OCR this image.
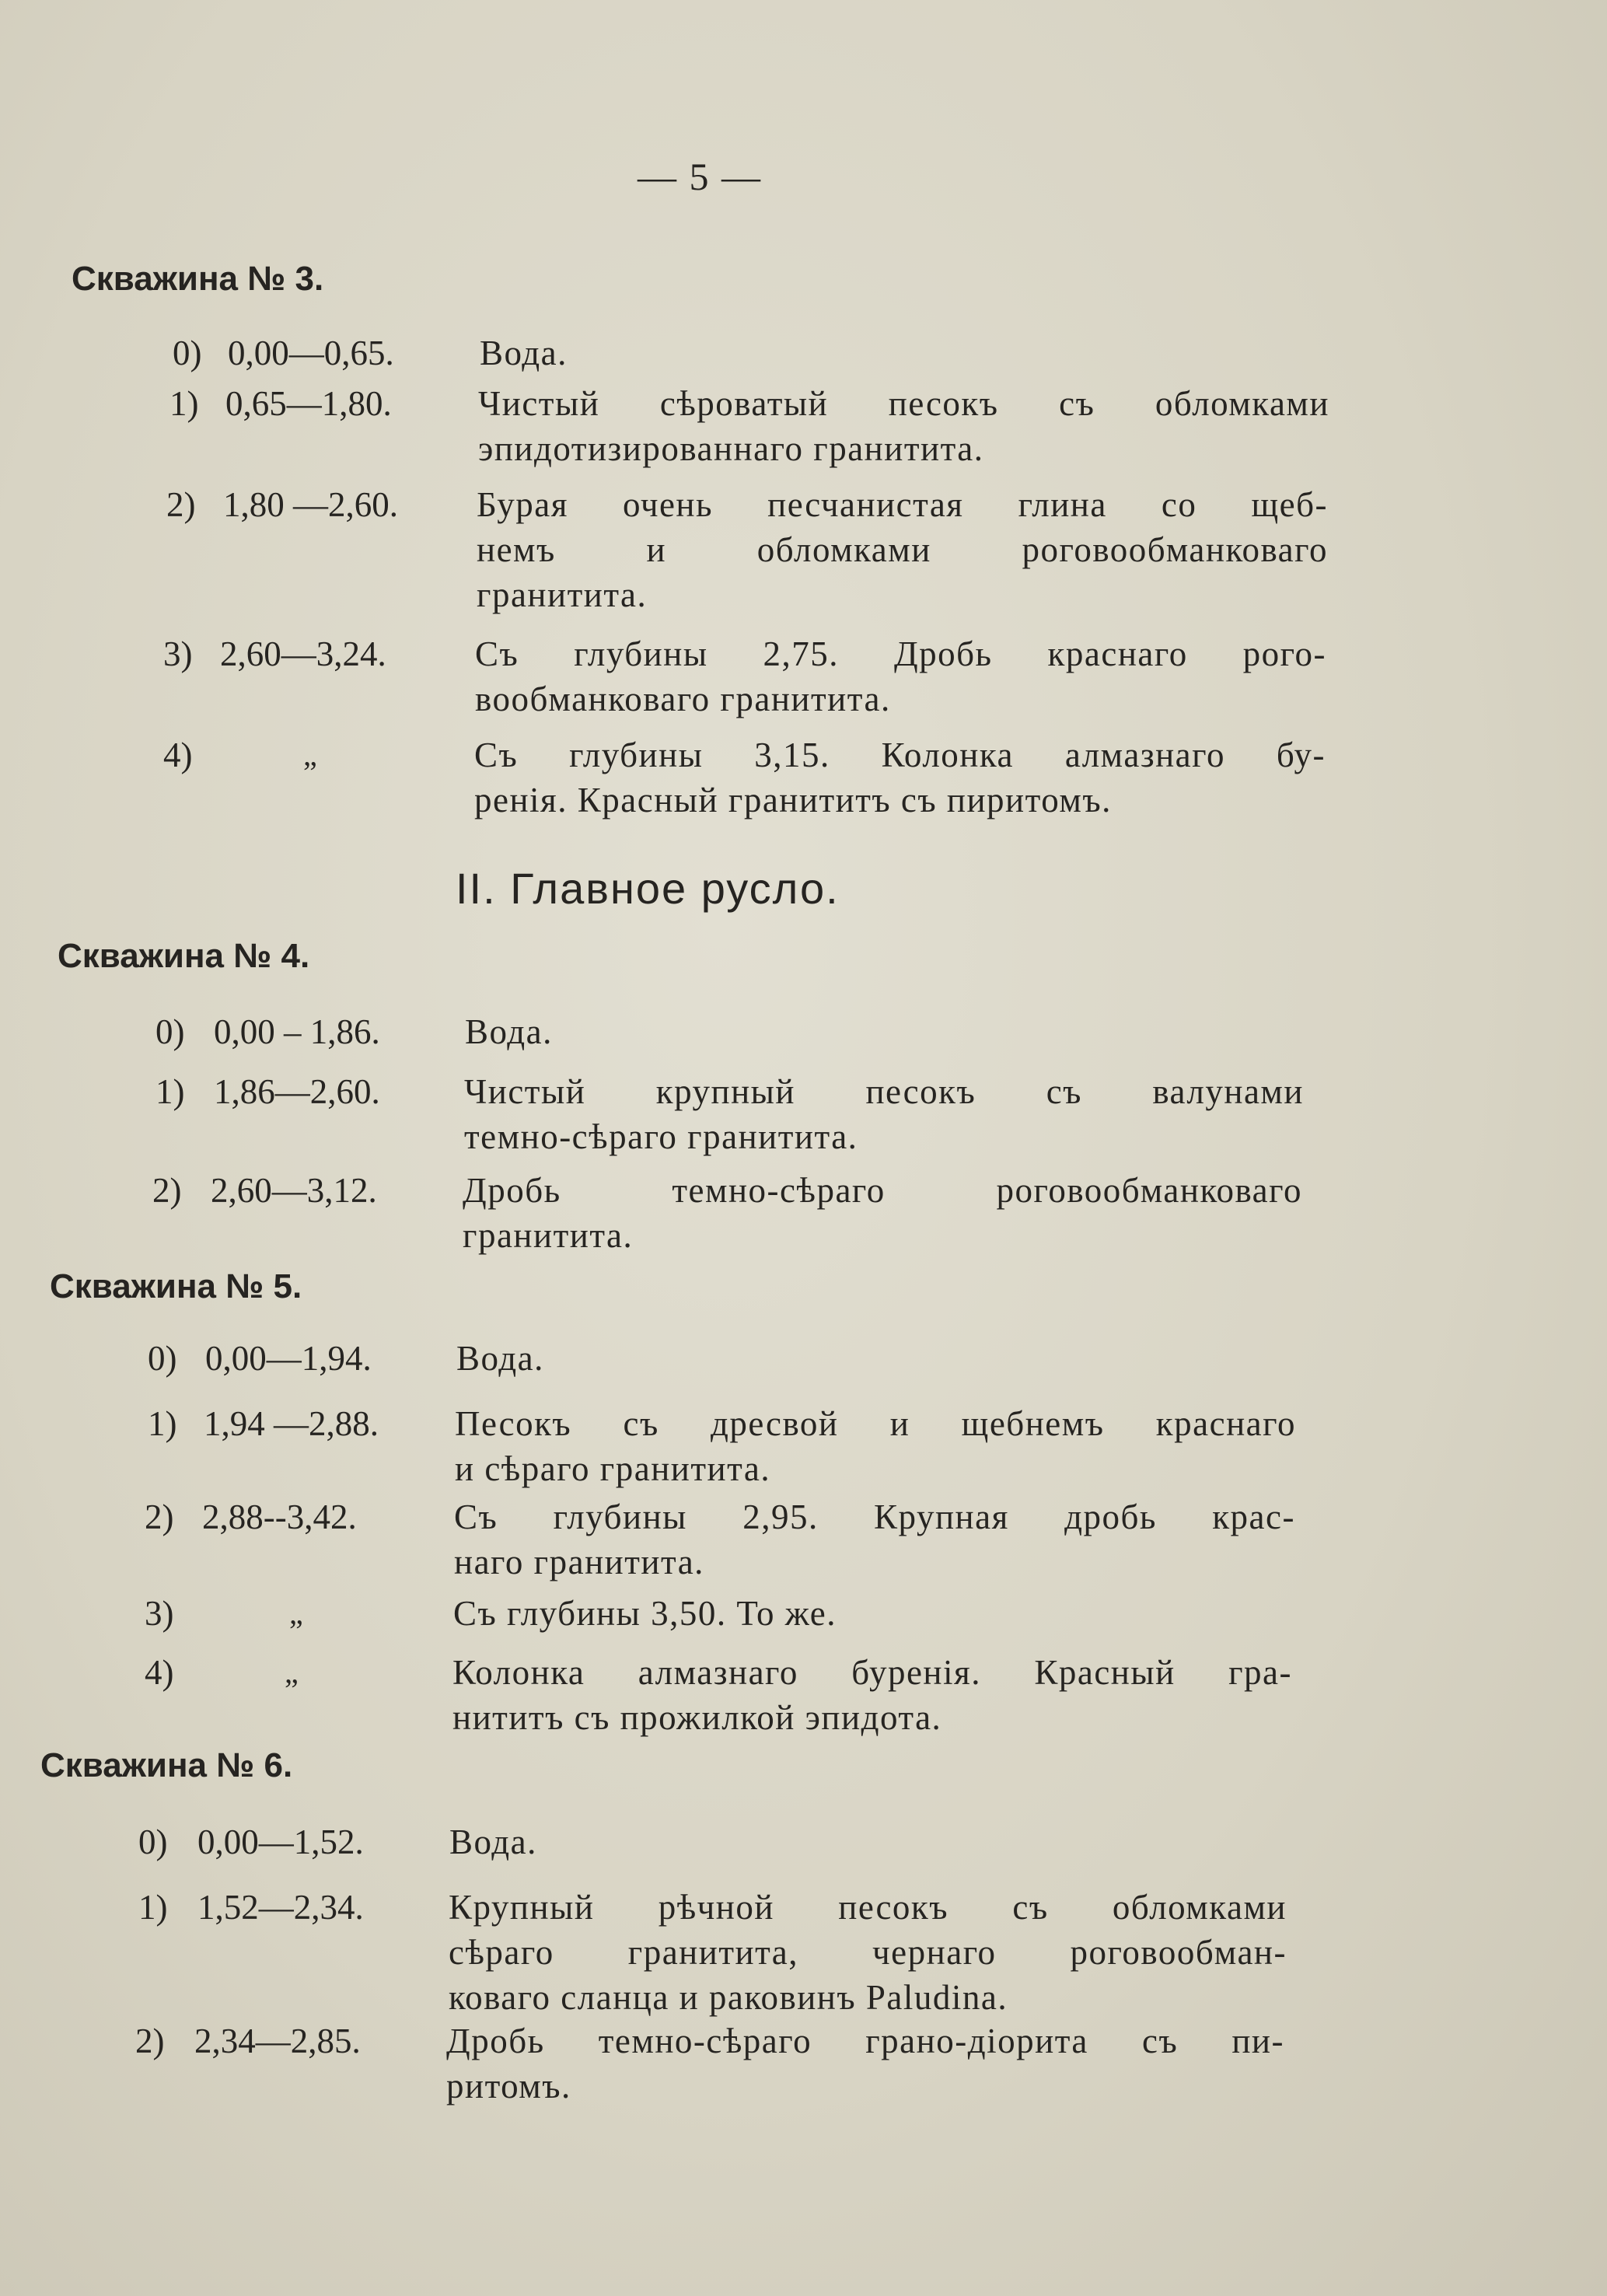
— 5 —
Скважина № 3.
0) 0,00—0,65. Вода.
1) 0,65—1,80. Чистый сѣроватый песокъ съ обломками
эпидотизированнаго гранитита.
2) 1,80 —2,60. Бурая очень песчанистая глина со щеб-
немъ и обломками роговообманковаго
гранитита.
3) 2,60—3,24.	Съ глубины 2,75. Дробь краснаго рого-
вообманковаго гранитита.
4)	„	Съ глубины 3,15. Колонка алмазнаго бу-
ренія. Красный гранититъ съ пиритомъ.
II. Главное русло.
Скважина № 4.
0) 0,00 – 1,86. Вода.
1) 1,86—2,60. Чистый крупный песокъ съ валунами
темно-сѣраго гранитита.
2) 2,60—3,12. Дробь темно-сѣраго роговообманковаго
гранитита.
Скважина № 5.
0) 0,00—1,94. Вода.
1) 1,94 —2,88. Песокъ съ дресвой и щебнемъ краснаго
и сѣраго гранитита.
2) 2,88--3,42.	Съ глубины 2,95. Крупная дробь крас-
наго гранитита.
3)	„	Съ глубины 3,50. То же.
4)	„	Колонка алмазнаго буренія. Красный гра-
нититъ съ прожилкой эпидота.
Скважина № 6.
0) 0,00—1,52. Вода.
1) 1,52—2,34. Крупный рѣчной песокъ съ обломками
сѣраго гранитита, чернаго роговообман-
коваго сланца и раковинъ Paludina.
2) 2,34—2,85. Дробь темно-сѣраго грано-діорита съ пи-
ритомъ.
